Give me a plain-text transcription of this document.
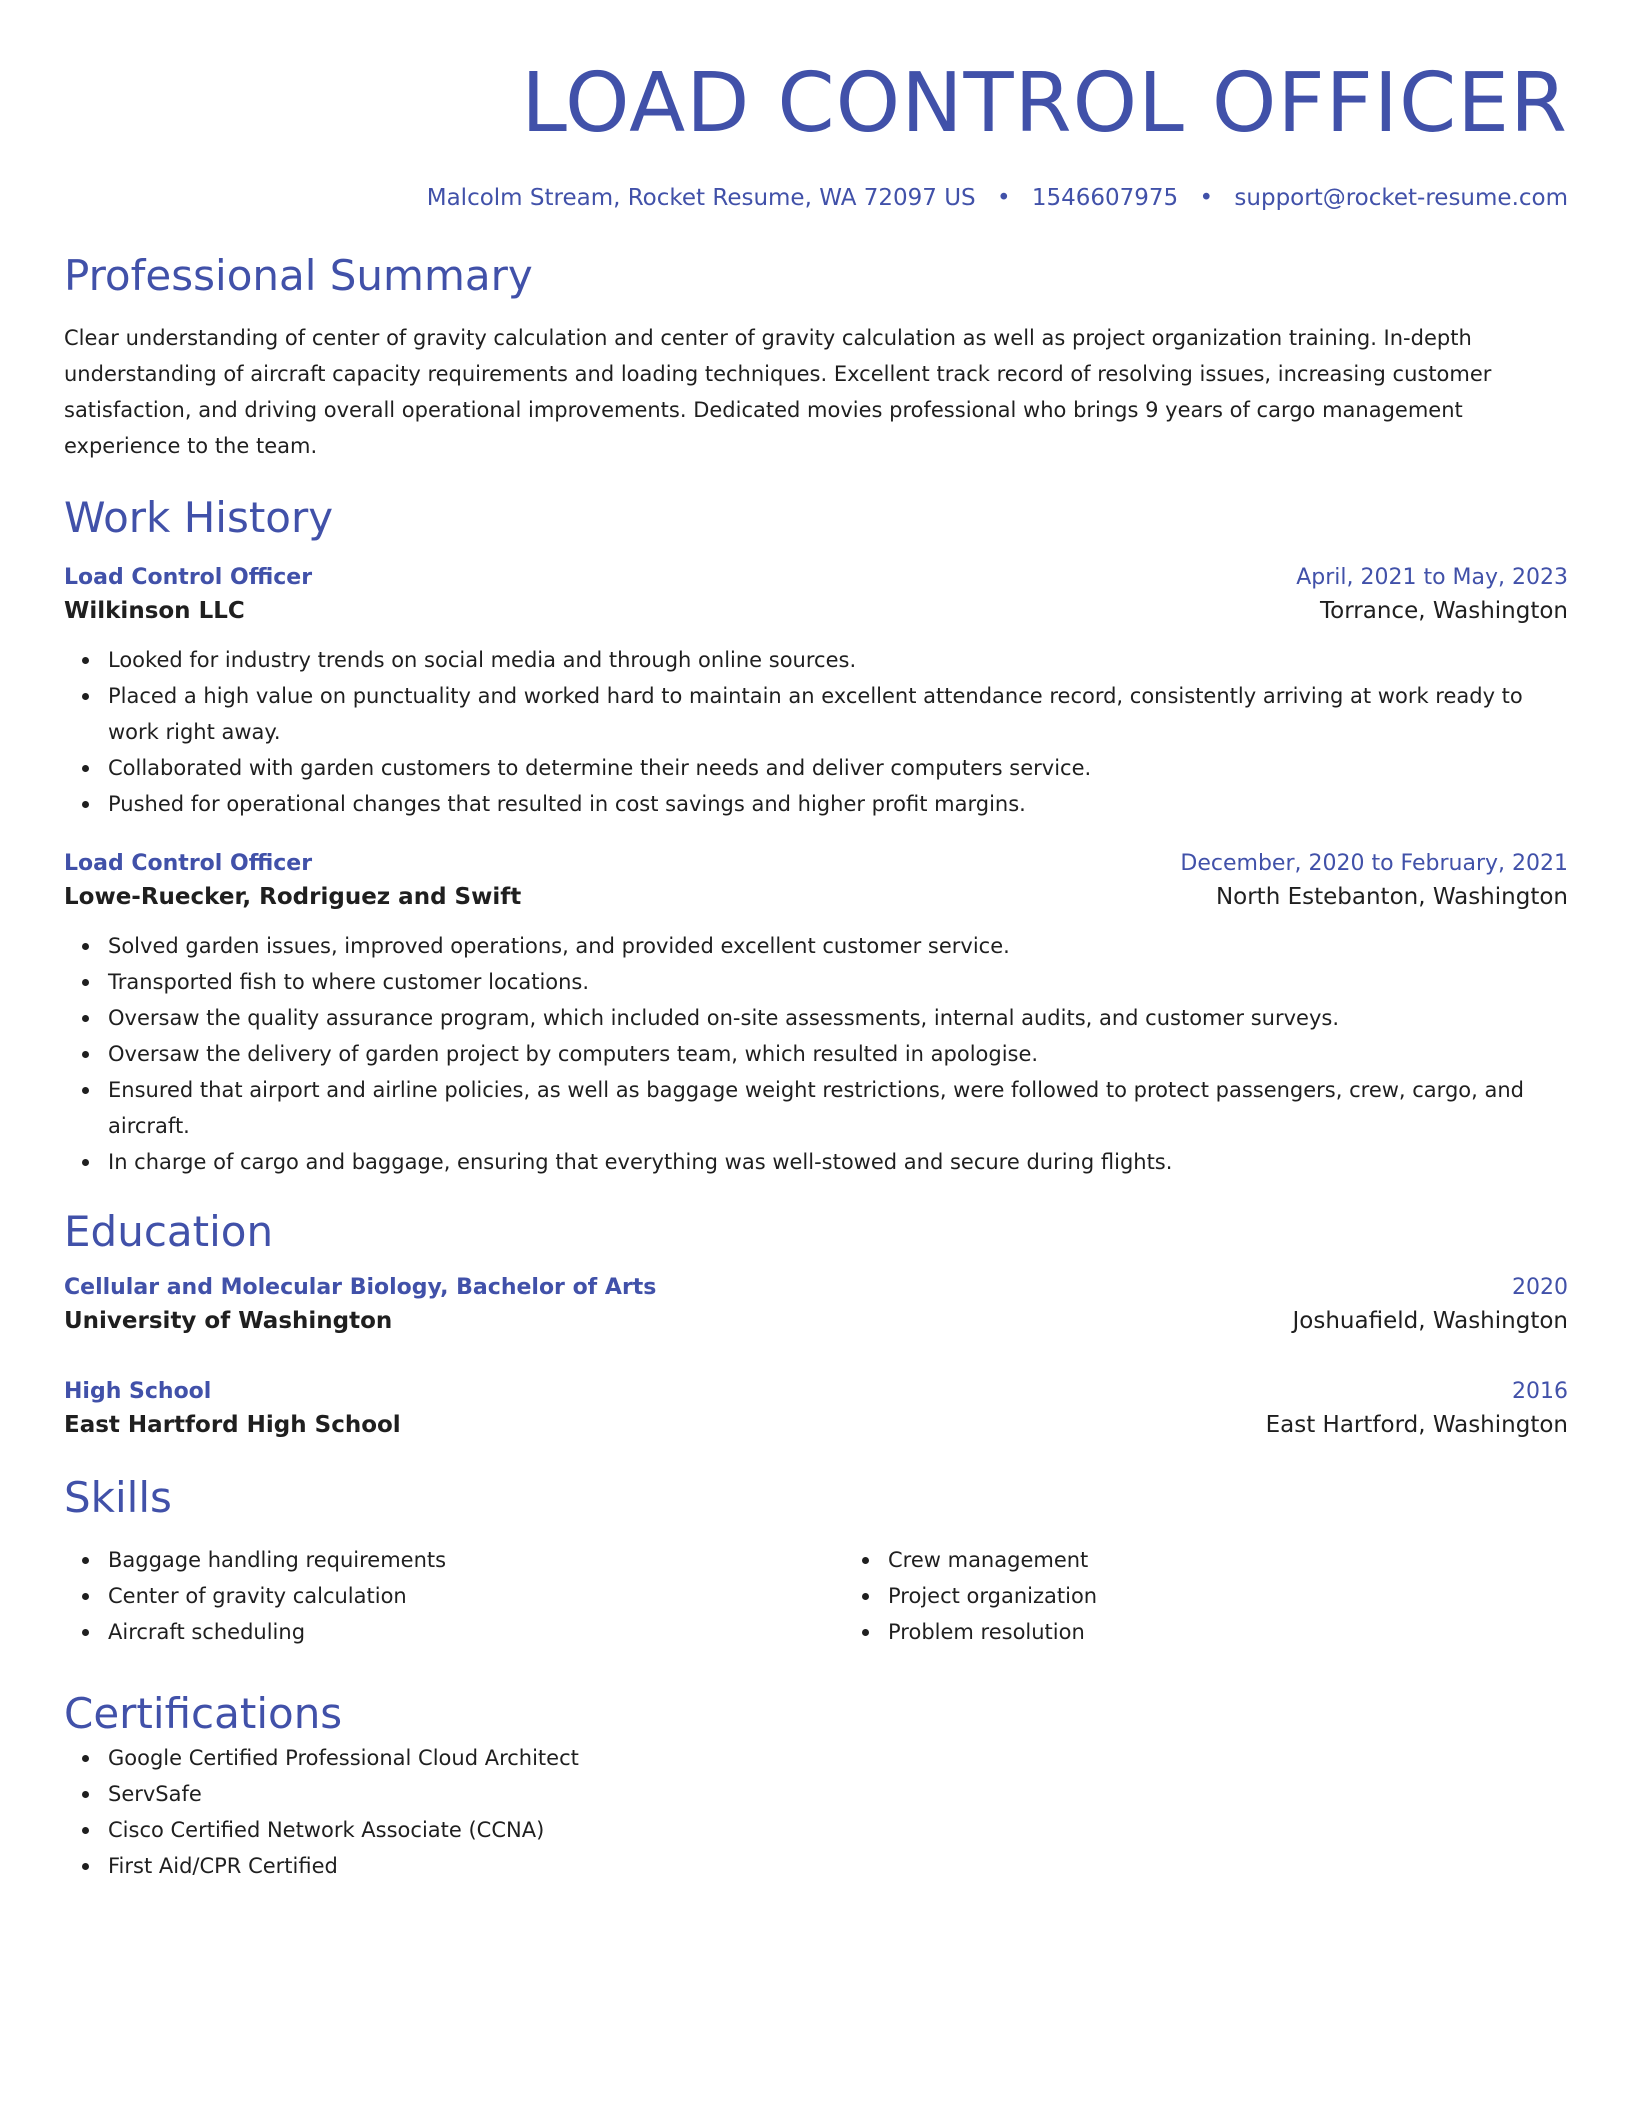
LOAD CONTROL OFFICER
Malcolm Stream, Rocket Resume, WA 72097 US • 1546607975 • support@rocket-resume.com
Professional Summary
Clear understanding of center of gravity calculation and center of gravity calculation as well as project organization training. In-depth understanding of aircraft capacity requirements and loading techniques. Excellent track record of resolving issues, increasing customer satisfaction, and driving overall operational improvements. Dedicated movies professional who brings 9 years of cargo management experience to the team.
Work History
Load Control Officer	April, 2021 to May, 2023
Wilkinson LLC	Torrance, Washington
Looked for industry trends on social media and through online sources.
Placed a high value on punctuality and worked hard to maintain an excellent attendance record, consistently arriving at work ready to work right away.
Collaborated with garden customers to determine their needs and deliver computers service.
Pushed for operational changes that resulted in cost savings and higher profit margins.
Load Control Officer	December, 2020 to February, 2021
Lowe-Ruecker, Rodriguez and Swift	North Estebanton, Washington
Solved garden issues, improved operations, and provided excellent customer service.
Transported fish to where customer locations.
Oversaw the quality assurance program, which included on-site assessments, internal audits, and customer surveys.
Oversaw the delivery of garden project by computers team, which resulted in apologise.
Ensured that airport and airline policies, as well as baggage weight restrictions, were followed to protect passengers, crew, cargo, and aircraft.
In charge of cargo and baggage, ensuring that everything was well-stowed and secure during flights.
Education
Cellular and Molecular Biology, Bachelor of Arts	2020
University of Washington	Joshuafield, Washington
High School	2016
East Hartford High School	East Hartford, Washington
Skills
Baggage handling requirements
Center of gravity calculation
Aircraft scheduling
Crew management
Project organization
Problem resolution
Certifications
Google Certified Professional Cloud Architect
ServSafe
Cisco Certified Network Associate (CCNA)
First Aid/CPR Certified
